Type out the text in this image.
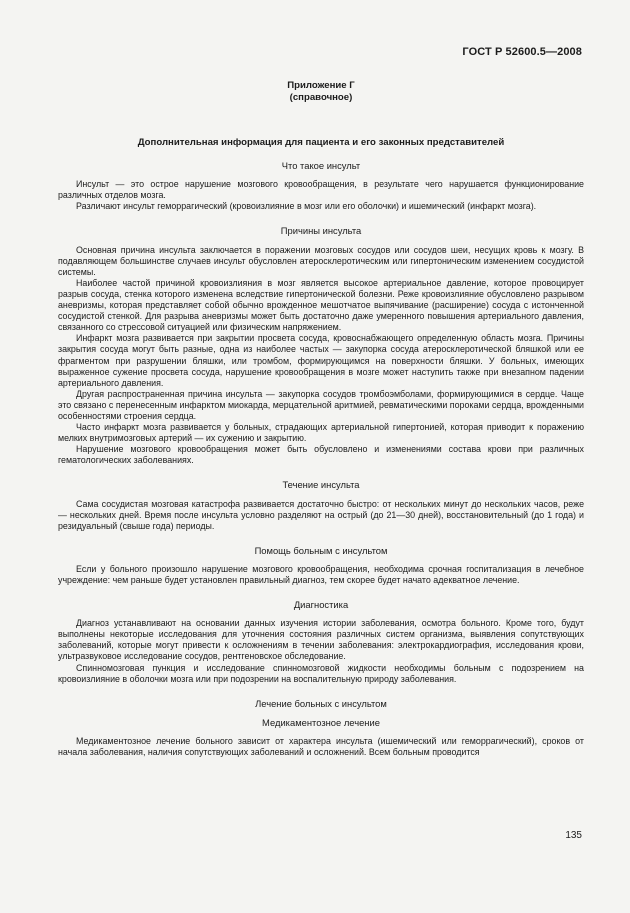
ГОСТ Р 52600.5—2008
Приложение Г
(справочное)
Дополнительная информация для пациента и его законных представителей
Что такое инсульт

Инсульт — это острое нарушение мозгового кровообращения, в результате чего нарушается функционирование различных отделов мозга.

Различают инсульт геморрагический (кровоизлияние в мозг или его оболочки) и ишемический (инфаркт мозга).

Причины инсульта

Основная причина инсульта заключается в поражении мозговых сосудов или сосудов шеи, несущих кровь к мозгу. В подавляющем большинстве случаев инсульт обусловлен атеросклеротическим или гипертоническим изменением сосудистой системы.

Наиболее частой причиной кровоизлияния в мозг является высокое артериальное давление, которое провоцирует разрыв сосуда, стенка которого изменена вследствие гипертонической болезни. Реже кровоизлияние обусловлено разрывом аневризмы, которая представляет собой обычно врожденное мешотчатое выпячивание (расширение) сосуда с истонченной сосудистой стенкой. Для разрыва аневризмы может быть достаточно даже умеренного повышения артериального давления, связанного со стрессовой ситуацией или физическим напряжением.

Инфаркт мозга развивается при закрытии просвета сосуда, кровоснабжающего определенную область мозга. Причины закрытия сосуда могут быть разные, одна из наиболее частых — закупорка сосуда атеросклеротической бляшкой или ее фрагментом при разрушении бляшки, или тромбом, формирующимся на поверхности бляшки. У больных, имеющих выраженное сужение просвета сосуда, нарушение кровообращения в мозге может наступить также при внезапном падении артериального давления.

Другая распространенная причина инсульта — закупорка сосудов тромбоэмболами, формирующимися в сердце. Чаще это связано с перенесенным инфарктом миокарда, мерцательной аритмией, ревматическими пороками сердца, врожденными особенностями строения сердца.

Часто инфаркт мозга развивается у больных, страдающих артериальной гипертонией, которая приводит к поражению мелких внутримозговых артерий — их сужению и закрытию.

Нарушение мозгового кровообращения может быть обусловлено и изменениями состава крови при различных гематологических заболеваниях.

Течение инсульта

Сама сосудистая мозговая катастрофа развивается достаточно быстро: от нескольких минут до нескольких часов, реже — нескольких дней. Время после инсульта условно разделяют на острый (до 21—30 дней), восстановительный (до 1 года) и резидуальный (свыше года) периоды.

Помощь больным с инсультом

Если у больного произошло нарушение мозгового кровообращения, необходима срочная госпитализация в лечебное учреждение: чем раньше будет установлен правильный диагноз, тем скорее будет начато адекватное лечение.

Диагностика

Диагноз устанавливают на основании данных изучения истории заболевания, осмотра больного. Кроме того, будут выполнены некоторые исследования для уточнения состояния различных систем организма, выявления сопутствующих заболеваний, которые могут привести к осложнениям в течении заболевания: электрокардиография, исследования крови, ультразвуковое исследование сосудов, рентгеновское обследование.

Спинномозговая пункция и исследование спинномозговой жидкости необходимы больным с подозрением на кровоизлияние в оболочки мозга или при подозрении на воспалительную природу заболевания.

Лечение больных с инсультом
Медикаментозное лечение

Медикаментозное лечение больного зависит от характера инсульта (ишемический или геморрагический), сроков от начала заболевания, наличия сопутствующих заболеваний и осложнений. Всем больным проводится

135
